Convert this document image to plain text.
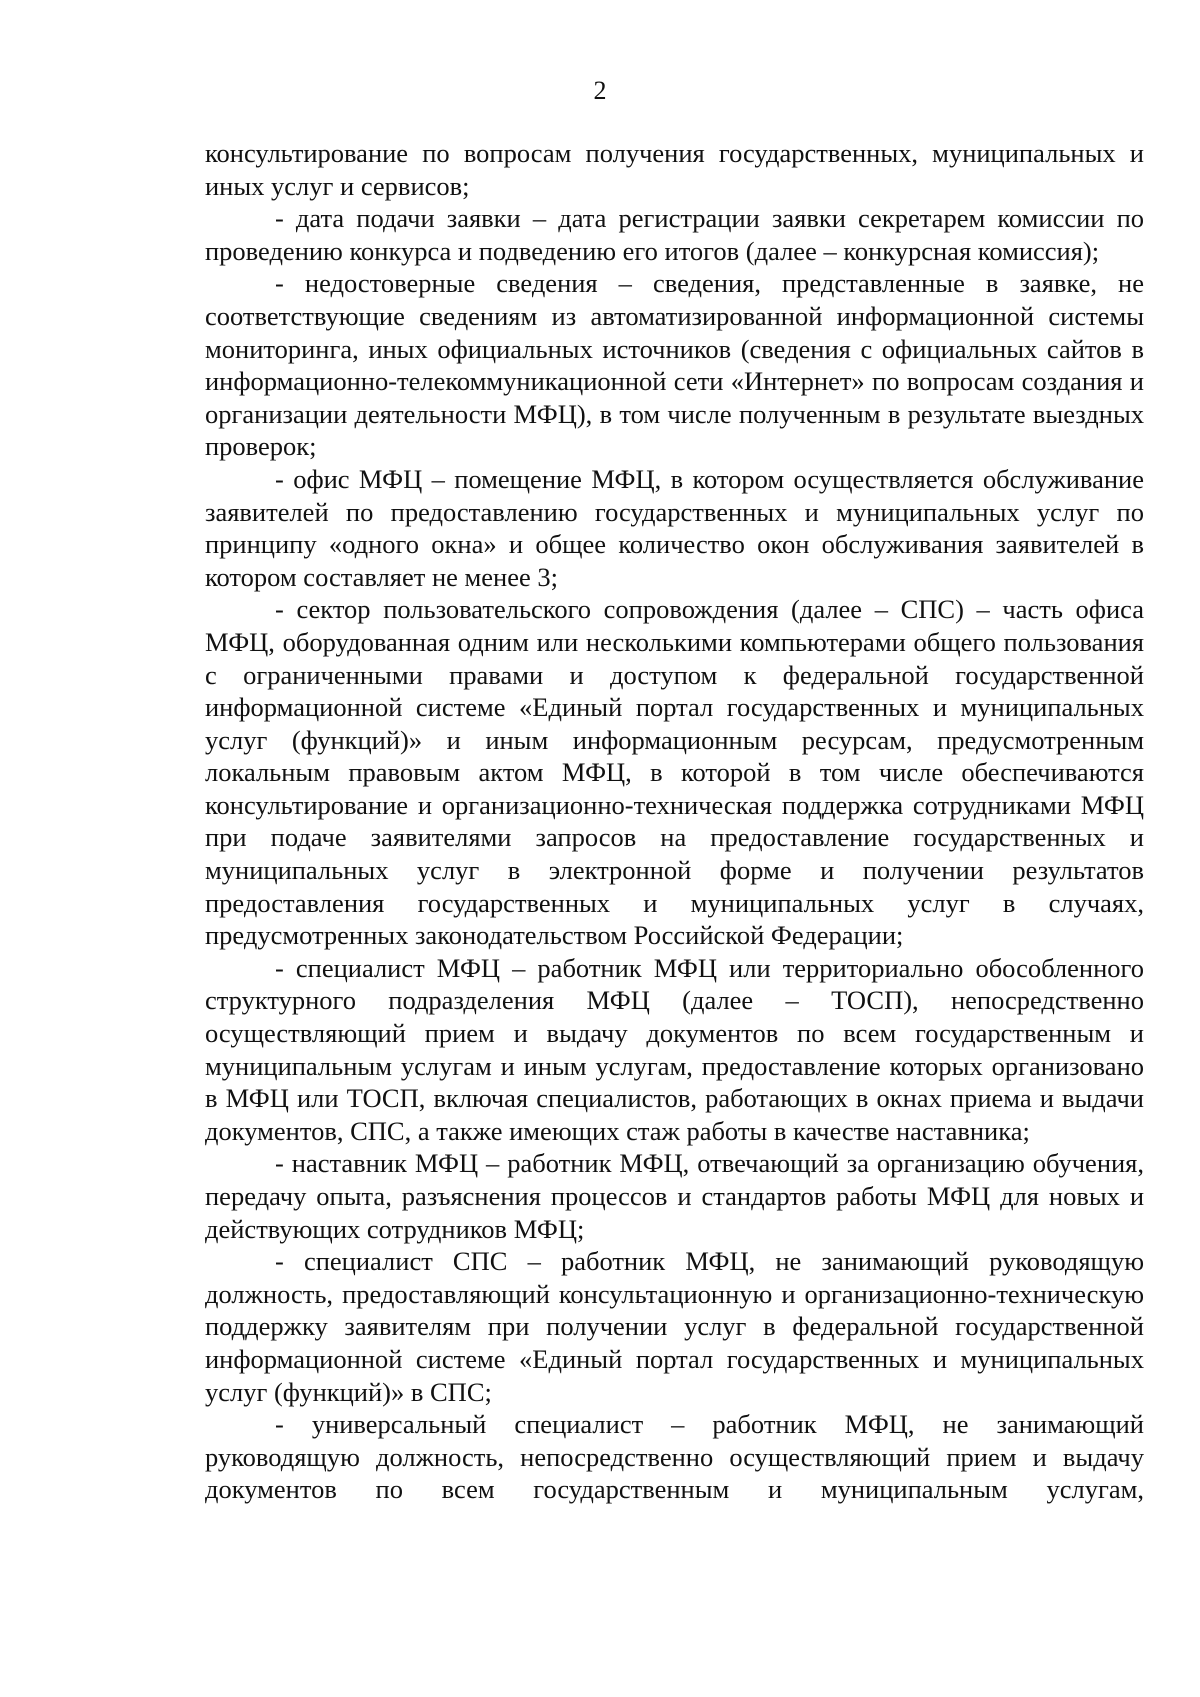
2

консультирование по вопросам получения государственных, муниципальных и иных услуг и сервисов;

- дата подачи заявки – дата регистрации заявки секретарем комиссии по проведению конкурса и подведению его итогов (далее – конкурсная комиссия);

- недостоверные сведения – сведения, представленные в заявке, не соответствующие сведениям из автоматизированной информационной системы мониторинга, иных официальных источников (сведения с официальных сайтов в информационно-телекоммуникационной сети «Интернет» по вопросам создания и организации деятельности МФЦ), в том числе полученным в результате выездных проверок;

- офис МФЦ – помещение МФЦ, в котором осуществляется обслуживание заявителей по предоставлению государственных и муниципальных услуг по принципу «одного окна» и общее количество окон обслуживания заявителей в котором составляет не менее 3;

- сектор пользовательского сопровождения (далее – СПС) – часть офиса МФЦ, оборудованная одним или несколькими компьютерами общего пользования с ограниченными правами и доступом к федеральной государственной информационной системе «Единый портал государственных и муниципальных услуг (функций)» и иным информационным ресурсам, предусмотренным локальным правовым актом МФЦ, в которой в том числе обеспечиваются консультирование и организационно-техническая поддержка сотрудниками МФЦ при подаче заявителями запросов на предоставление государственных и муниципальных услуг в электронной форме и получении результатов предоставления государственных и муниципальных услуг в случаях, предусмотренных законодательством Российской Федерации;

- специалист МФЦ – работник МФЦ или территориально обособленного структурного подразделения МФЦ (далее – ТОСП), непосредственно осуществляющий прием и выдачу документов по всем государственным и муниципальным услугам и иным услугам, предоставление которых организовано в МФЦ или ТОСП, включая специалистов, работающих в окнах приема и выдачи документов, СПС, а также имеющих стаж работы в качестве наставника;

- наставник МФЦ – работник МФЦ, отвечающий за организацию обучения, передачу опыта, разъяснения процессов и стандартов работы МФЦ для новых и действующих сотрудников МФЦ;

- специалист СПС – работник МФЦ, не занимающий руководящую должность, предоставляющий консультационную и организационно-техническую поддержку заявителям при получении услуг в федеральной государственной информационной системе «Единый портал государственных и муниципальных услуг (функций)» в СПС;

- универсальный специалист – работник МФЦ, не занимающий руководящую должность, непосредственно осуществляющий прием и выдачу документов по всем государственным и муниципальным услугам,
